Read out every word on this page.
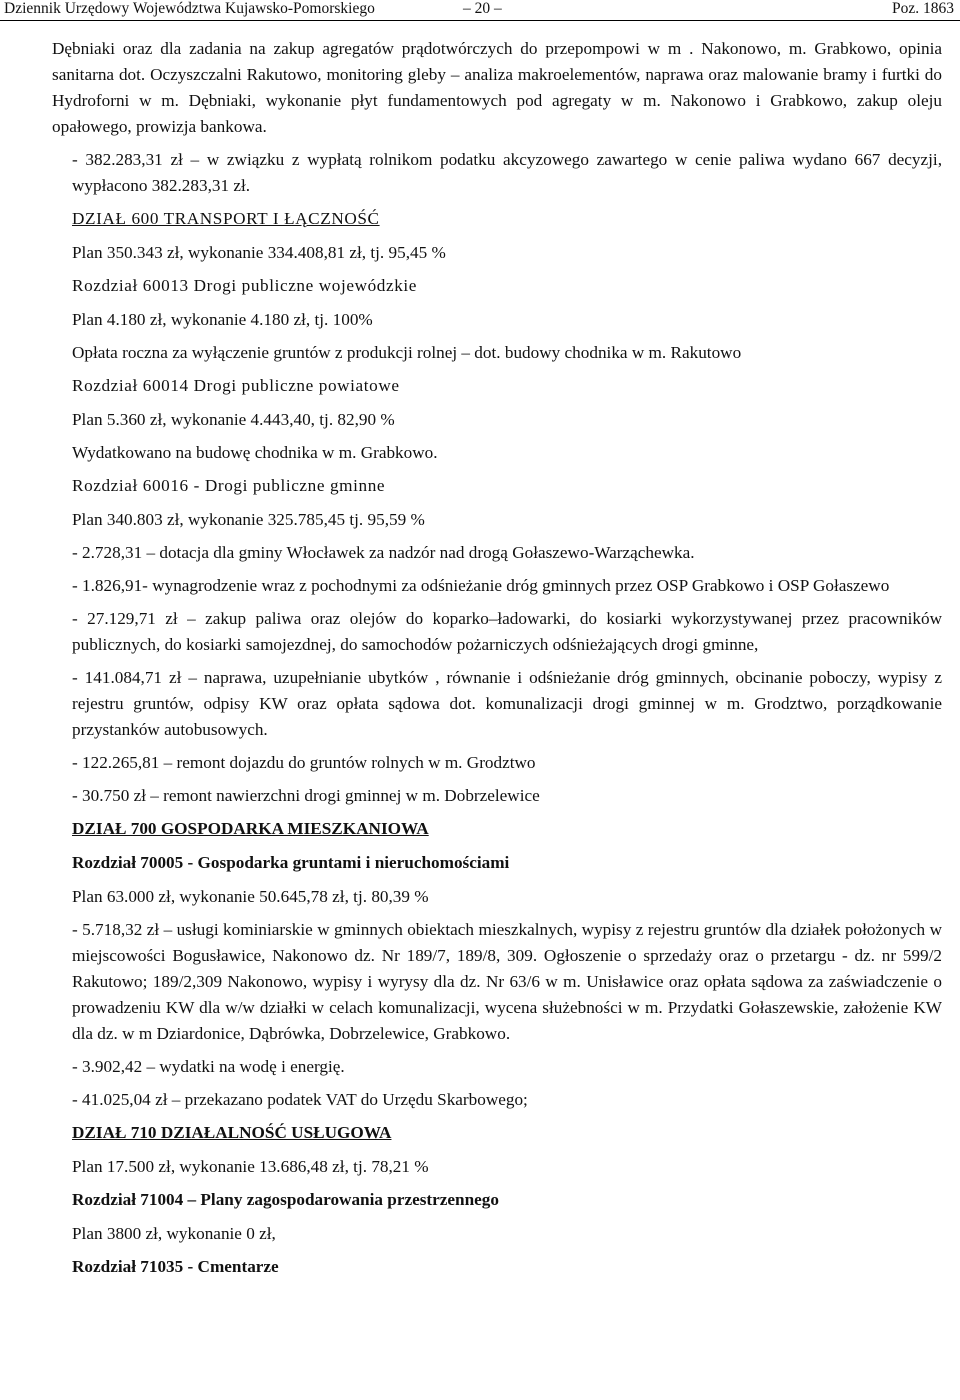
Dziennik Urzędowy Województwa Kujawsko-Pomorskiego	– 20 –	Poz. 1863

Dębniaki oraz dla zadania na zakup agregatów prądotwórczych do przepompowi w m . Nakonowo, m. Grabkowo, opinia sanitarna dot. Oczyszczalni Rakutowo, monitoring gleby – analiza makroelementów, naprawa oraz malowanie bramy i furtki do Hydroforni w m. Dębniaki, wykonanie płyt fundamentowych pod agregaty w m. Nakonowo i Grabkowo, zakup oleju opałowego, prowizja bankowa.

- 382.283,31 zł – w związku z wypłatą rolnikom podatku akcyzowego zawartego w cenie paliwa wydano 667 decyzji, wypłacono 382.283,31 zł.

DZIAŁ 600 TRANSPORT I ŁĄCZNOŚĆ

Plan 350.343 zł, wykonanie 334.408,81 zł, tj. 95,45 %

Rozdział 60013 Drogi publiczne wojewódzkie

Plan 4.180 zł, wykonanie 4.180 zł, tj. 100%

Opłata roczna za wyłączenie gruntów z produkcji rolnej – dot. budowy chodnika w m. Rakutowo

Rozdział 60014 Drogi publiczne powiatowe

Plan 5.360 zł, wykonanie 4.443,40, tj. 82,90 %

Wydatkowano na budowę chodnika w m. Grabkowo.

Rozdział 60016 - Drogi publiczne gminne

Plan 340.803 zł, wykonanie 325.785,45 tj. 95,59 %

- 2.728,31 – dotacja dla gminy Włocławek za nadzór nad drogą Gołaszewo-Warząchewka.

- 1.826,91- wynagrodzenie wraz z pochodnymi za odśnieżanie dróg gminnych przez OSP Grabkowo i OSP Gołaszewo

- 27.129,71 zł – zakup paliwa oraz olejów do koparko–ładowarki, do kosiarki wykorzystywanej przez pracowników publicznych, do kosiarki samojezdnej, do samochodów pożarniczych odśnieżających drogi gminne,

- 141.084,71 zł – naprawa, uzupełnianie ubytków , równanie i odśnieżanie dróg gminnych, obcinanie poboczy, wypisy z rejestru gruntów, odpisy KW oraz opłata sądowa dot. komunalizacji drogi gminnej w m. Grodztwo, porządkowanie przystanków autobusowych.

- 122.265,81 – remont dojazdu do gruntów rolnych w m. Grodztwo

- 30.750 zł – remont nawierzchni drogi gminnej w m. Dobrzelewice

DZIAŁ 700 GOSPODARKA MIESZKANIOWA

Rozdział 70005 - Gospodarka gruntami i nieruchomościami

Plan 63.000 zł, wykonanie 50.645,78 zł, tj. 80,39 %

- 5.718,32 zł – usługi kominiarskie w gminnych obiektach mieszkalnych, wypisy z rejestru gruntów dla działek położonych w miejscowości Bogusławice, Nakonowo dz. Nr 189/7, 189/8, 309. Ogłoszenie o sprzedaży oraz o przetargu - dz. nr 599/2 Rakutowo; 189/2,309 Nakonowo, wypisy i wyrysy dla dz. Nr 63/6 w m. Unisławice oraz opłata sądowa za zaświadczenie o prowadzeniu KW dla w/w działki w celach komunalizacji, wycena służebności w m. Przydatki Gołaszewskie, założenie KW dla dz. w m Dziardonice, Dąbrówka, Dobrzelewice, Grabkowo.

- 3.902,42 – wydatki na wodę i energię.

- 41.025,04 zł – przekazano podatek VAT do Urzędu Skarbowego;

DZIAŁ 710 DZIAŁALNOŚĆ USŁUGOWA

Plan 17.500 zł, wykonanie 13.686,48 zł, tj. 78,21 %

Rozdział 71004 – Plany zagospodarowania przestrzennego

Plan 3800 zł, wykonanie 0 zł,

Rozdział 71035 - Cmentarze
